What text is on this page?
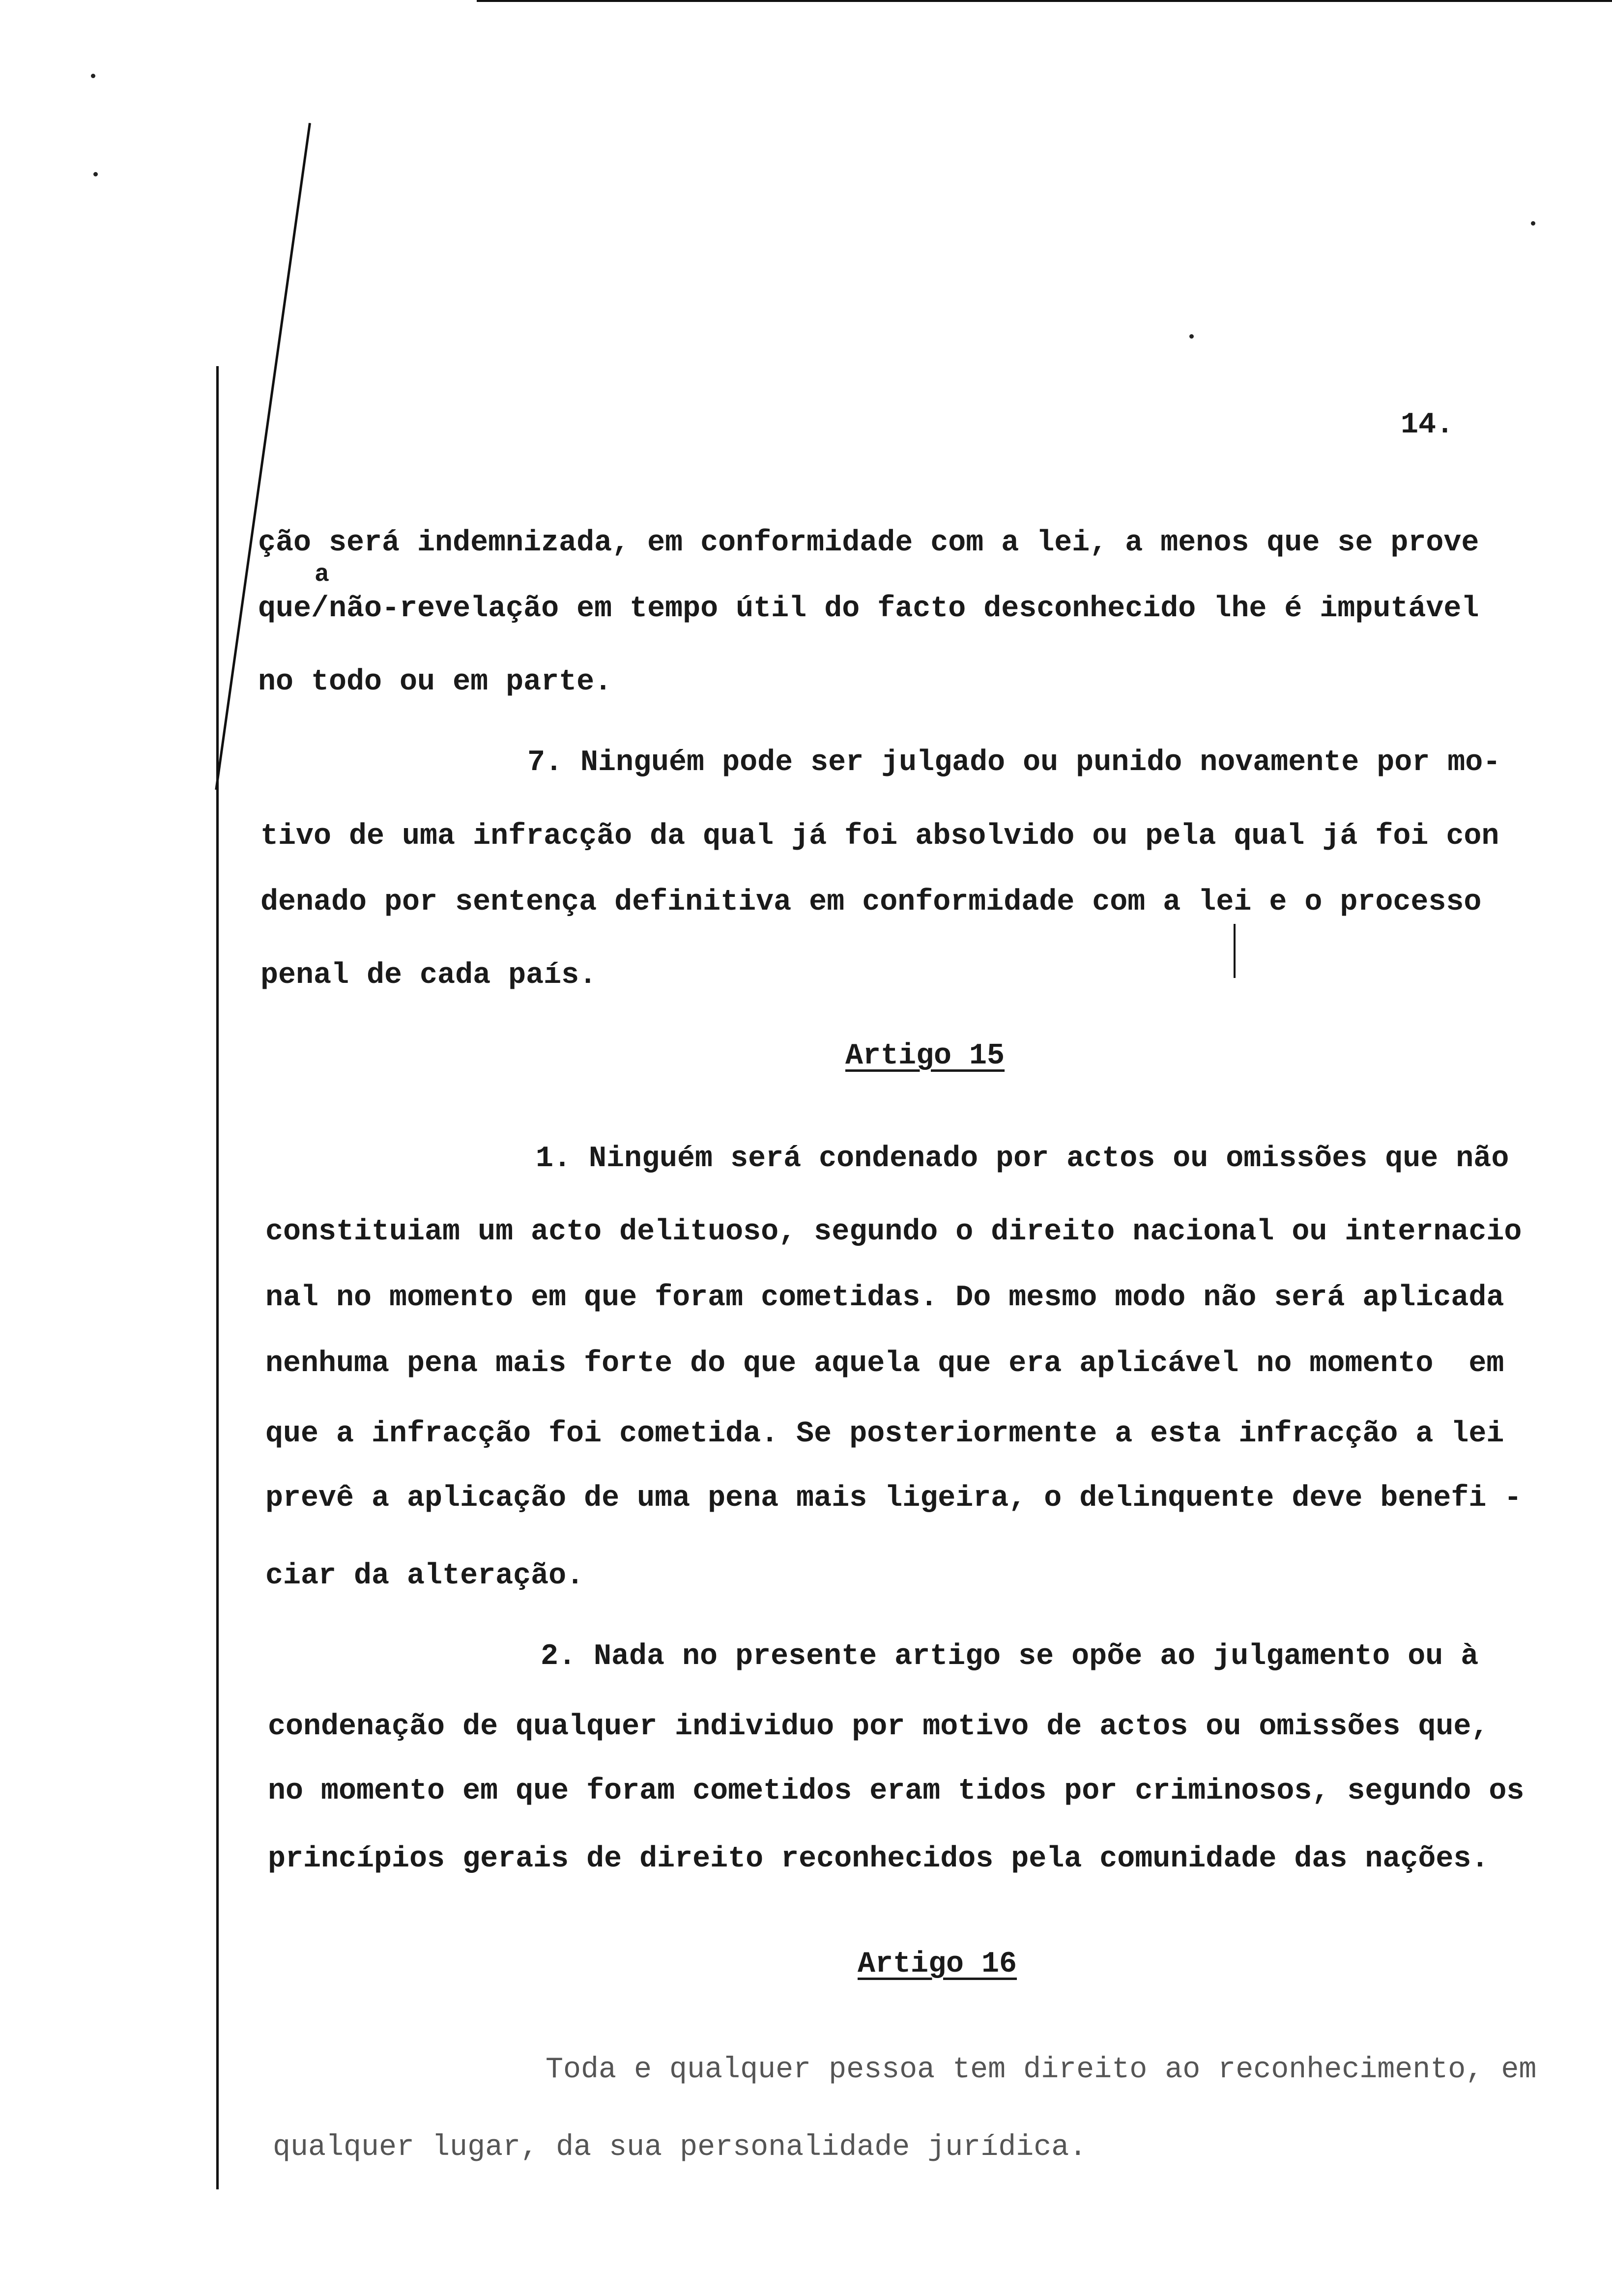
14.
a
ção será indemnizada, em conformidade com a lei, a menos que se prove
que/não-revelação em tempo útil do facto desconhecido lhe é imputável
no todo ou em parte.
7. Ninguém pode ser julgado ou punido novamente por mo-
tivo de uma infracção da qual já foi absolvido ou pela qual já foi con
denado por sentença definitiva em conformidade com a lei e o processo
penal de cada país.
Artigo 15
1. Ninguém será condenado por actos ou omissões que não
constituiam um acto delituoso, segundo o direito nacional ou internacio
nal no momento em que foram cometidas. Do mesmo modo não será aplicada
nenhuma pena mais forte do que aquela que era aplicável no momento  em
que a infracção foi cometida. Se posteriormente a esta infracção a lei
prevê a aplicação de uma pena mais ligeira, o delinquente deve benefi -
ciar da alteração.
2. Nada no presente artigo se opõe ao julgamento ou à
condenação de qualquer individuo por motivo de actos ou omissões que,
no momento em que foram cometidos eram tidos por criminosos, segundo os
princípios gerais de direito reconhecidos pela comunidade das nações.
Artigo 16
Toda e qualquer pessoa tem direito ao reconhecimento, em
qualquer lugar, da sua personalidade jurídica.
